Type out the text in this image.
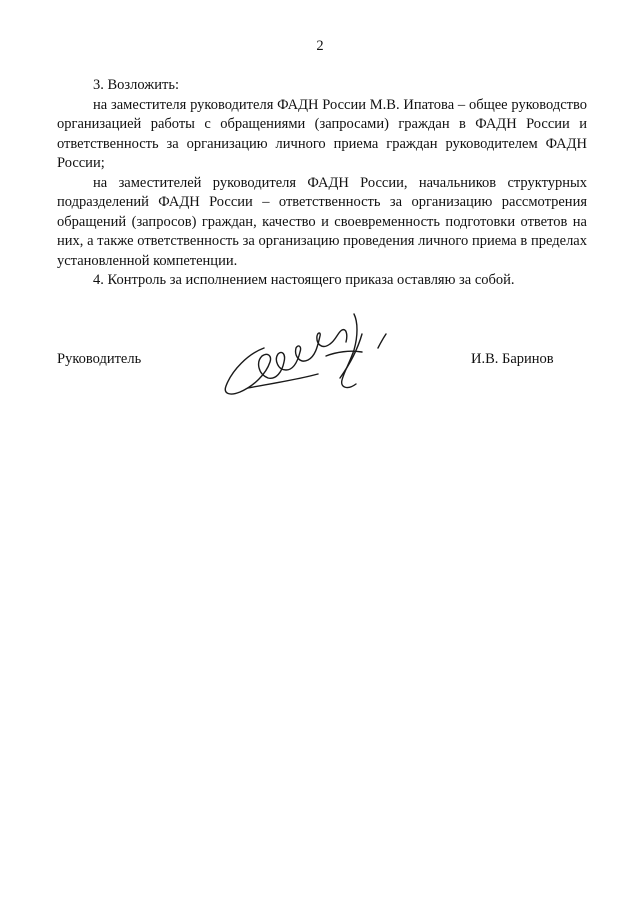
2

3. Возложить:

на заместителя руководителя ФАДН России М.В. Ипатова – общее руководство организацией работы с обращениями (запросами) граждан в ФАДН России и ответственность за организацию личного приема граждан руководителем ФАДН России;

на заместителей руководителя ФАДН России, начальников структурных подразделений ФАДН России – ответственность за организацию рассмотрения обращений (запросов) граждан, качество и своевременность подготовки ответов на них, а также ответственность за организацию проведения личного приема в пределах установленной компетенции.

4. Контроль за исполнением настоящего приказа оставляю за собой.

Руководитель	И.В. Баринов
